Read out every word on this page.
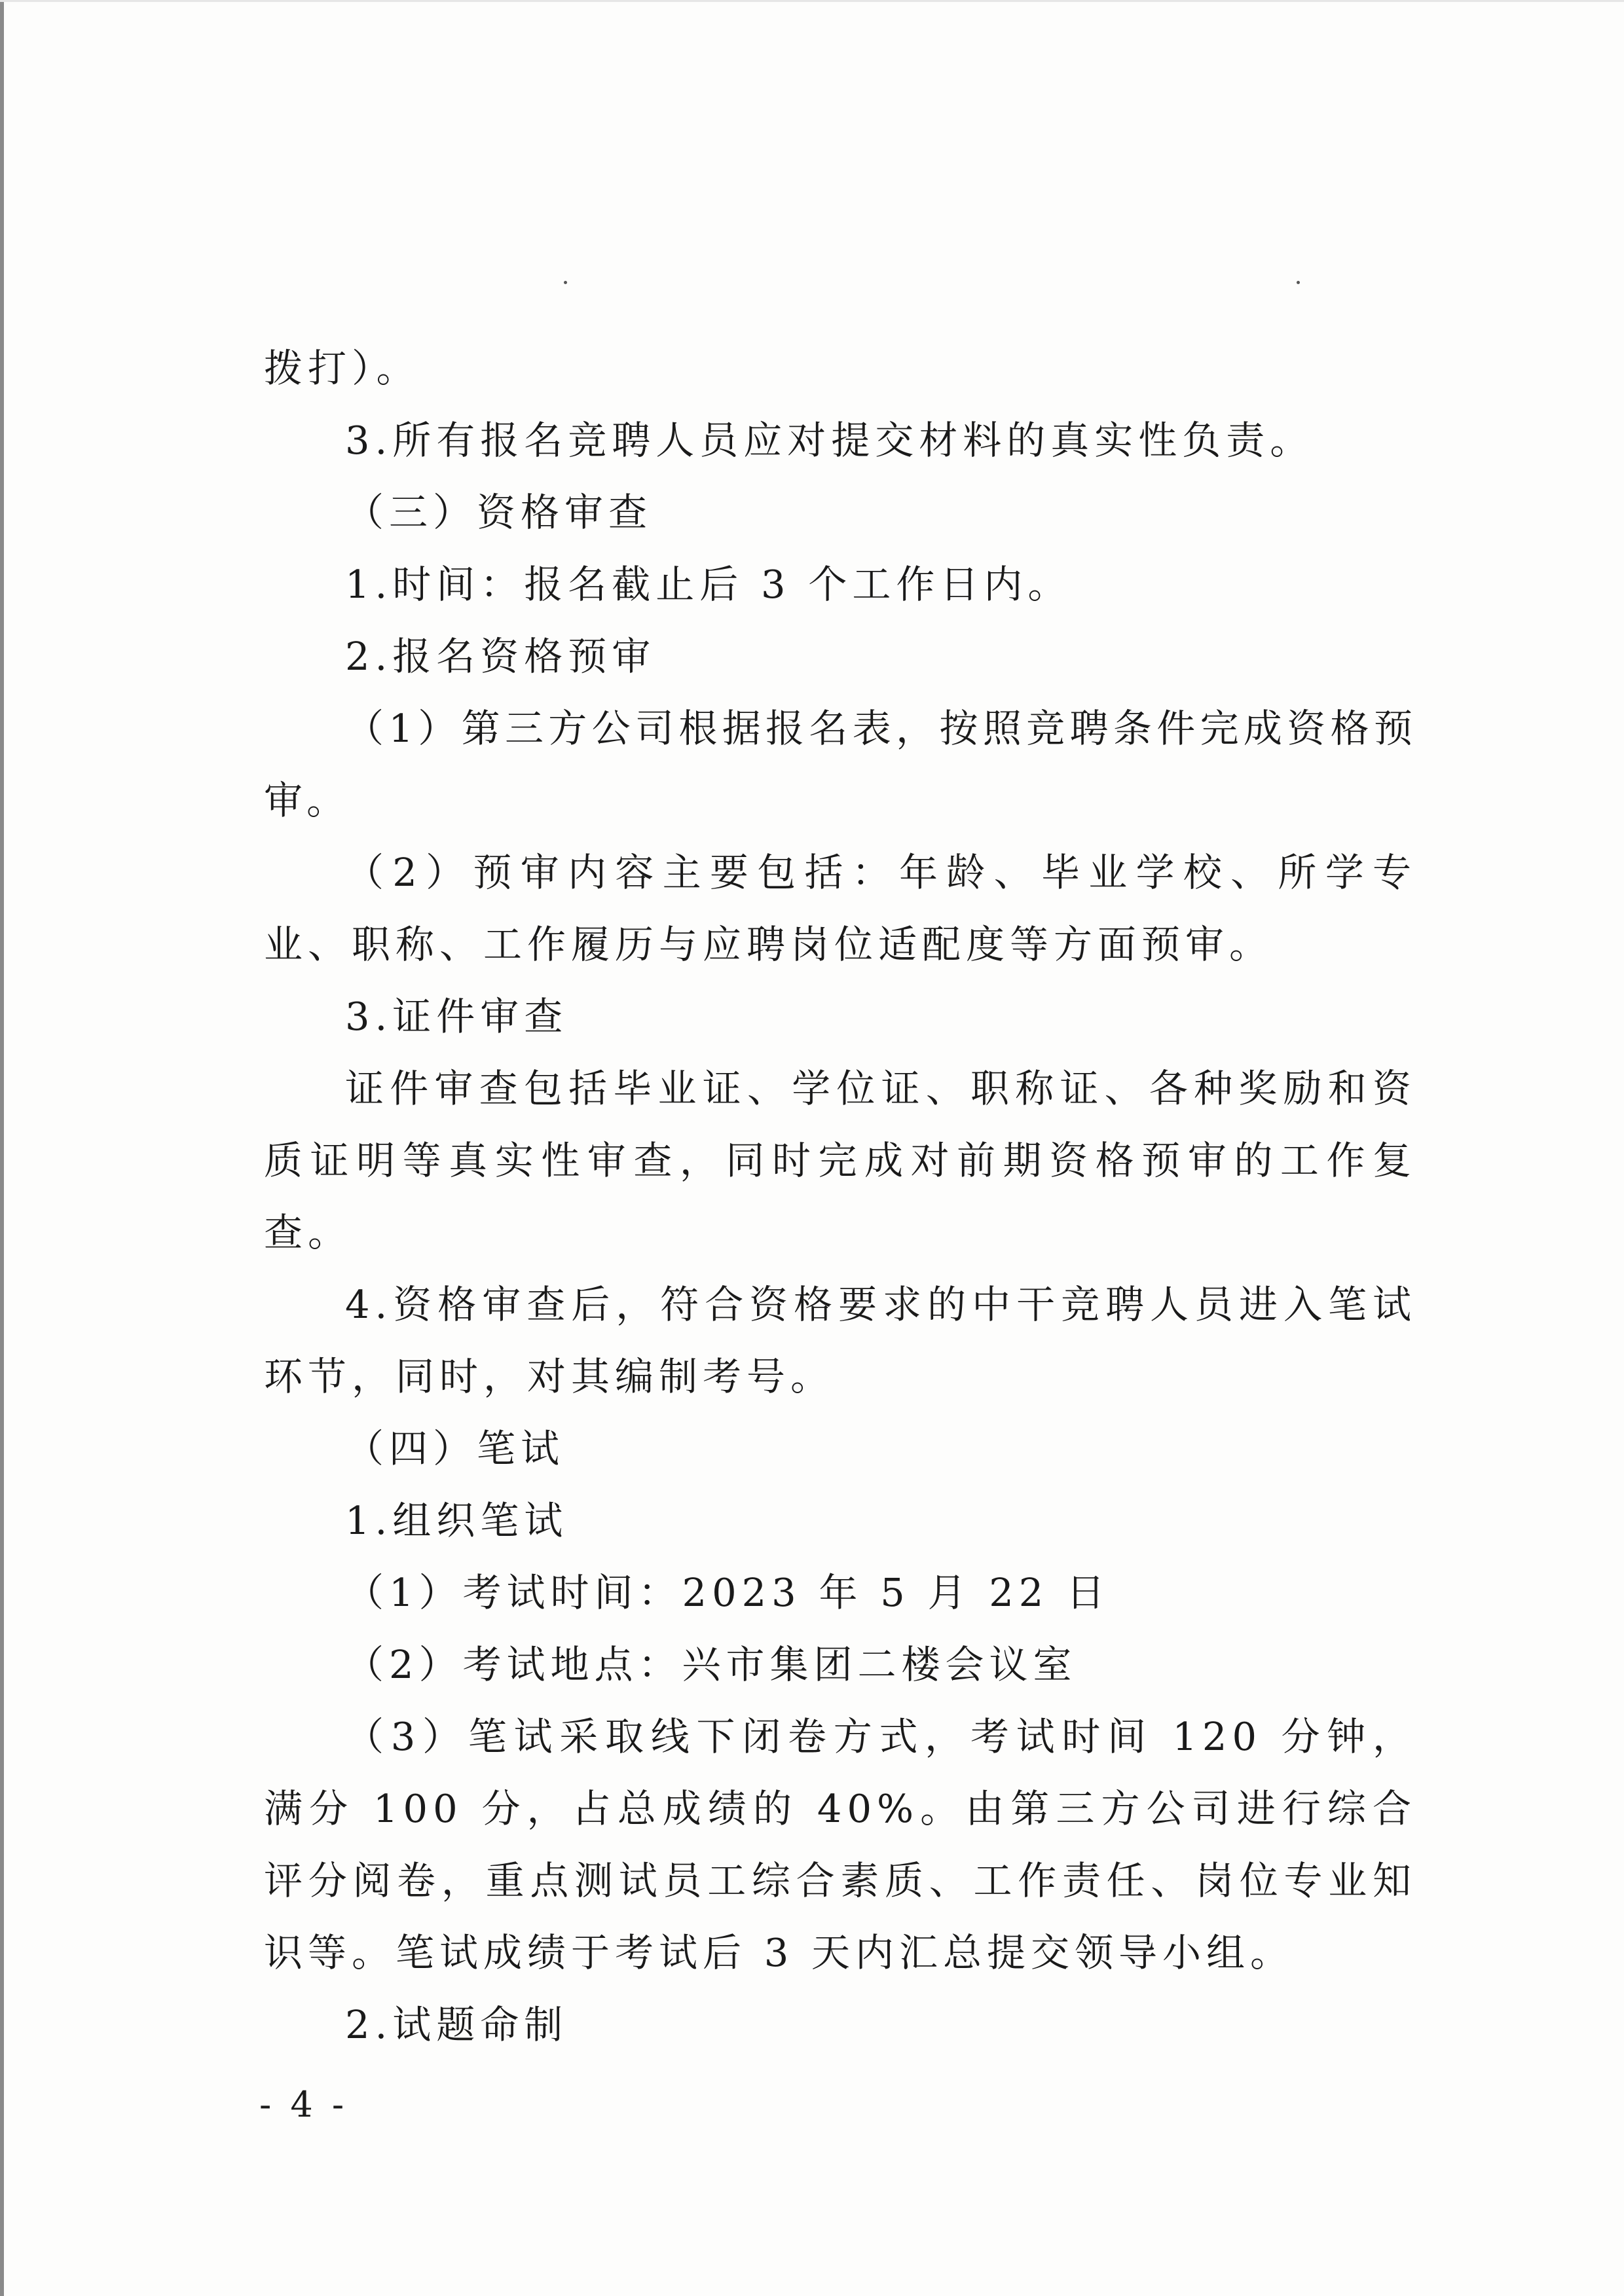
拨打）。

3.所有报名竞聘人员应对提交材料的真实性负责。

（三）资格审查

1.时间：报名截止后 3 个工作日内。

2.报名资格预审

（1）第三方公司根据报名表，按照竞聘条件完成资格预审。

（2）预审内容主要包括：年龄、毕业学校、所学专业、职称、工作履历与应聘岗位适配度等方面预审。

3.证件审查

证件审查包括毕业证、学位证、职称证、各种奖励和资质证明等真实性审查，同时完成对前期资格预审的工作复查。

4.资格审查后，符合资格要求的中干竞聘人员进入笔试环节，同时，对其编制考号。

（四）笔试

1.组织笔试

（1）考试时间：2023 年 5 月 22 日

（2）考试地点：兴市集团二楼会议室

（3）笔试采取线下闭卷方式，考试时间 120 分钟，满分 100 分，占总成绩的 40%。由第三方公司进行综合评分阅卷，重点测试员工综合素质、工作责任、岗位专业知识等。笔试成绩于考试后 3 天内汇总提交领导小组。

2.试题命制

- 4 -
